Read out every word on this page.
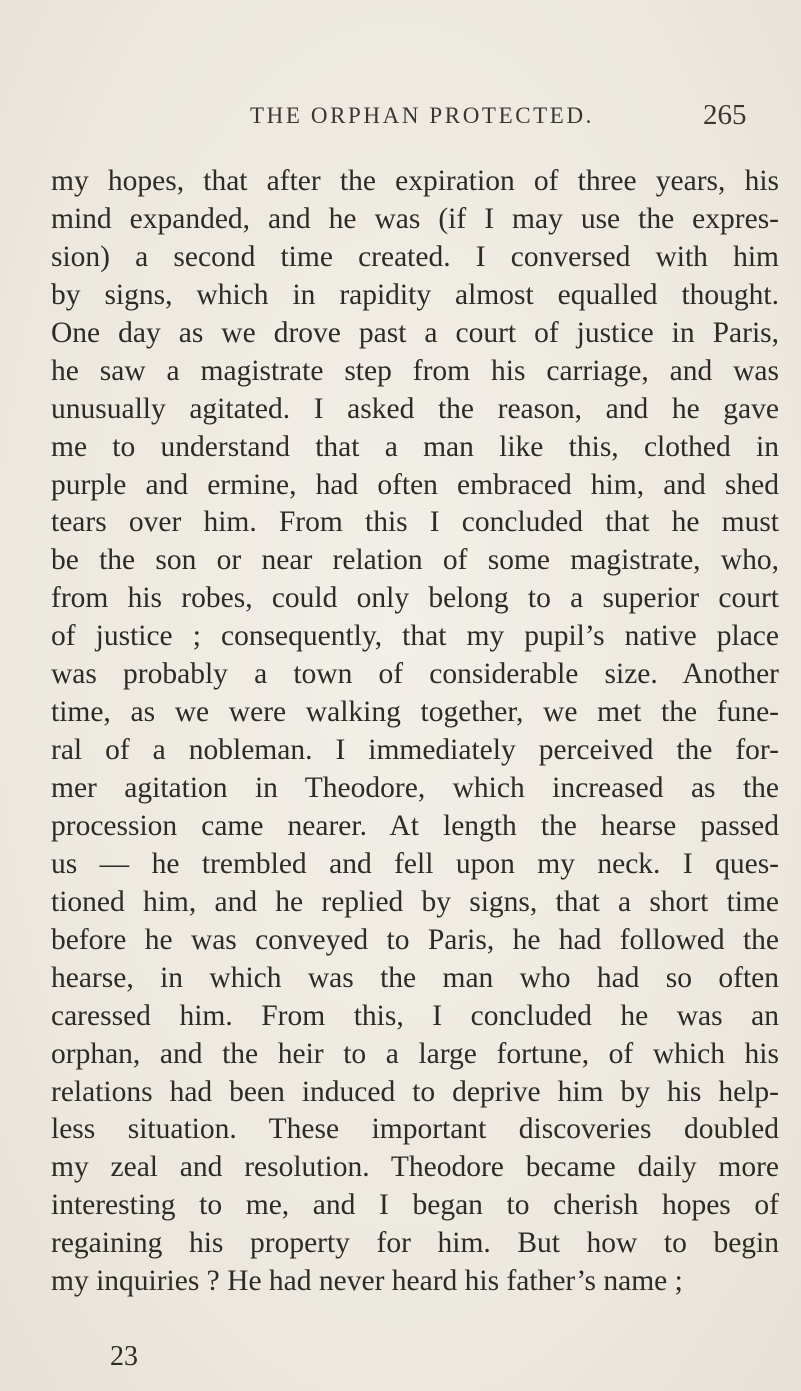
THE ORPHAN PROTECTED.	265
my hopes, that after the expiration of three years, his
mind expanded, and he was (if I may use the expres-
sion) a second time created. I conversed with him
by signs, which in rapidity almost equalled thought.
One day as we drove past a court of justice in Paris,
he saw a magistrate step from his carriage, and was
unusually agitated. I asked the reason, and he gave
me to understand that a man like this, clothed in
purple and ermine, had often embraced him, and shed
tears over him. From this I concluded that he must
be the son or near relation of some magistrate, who,
from his robes, could only belong to a superior court
of justice ; consequently, that my pupil’s native place
was probably a town of considerable size. Another
time, as we were walking together, we met the fune-
ral of a nobleman. I immediately perceived the for-
mer agitation in Theodore, which increased as the
procession came nearer. At length the hearse passed
us — he trembled and fell upon my neck. I ques-
tioned him, and he replied by signs, that a short time
before he was conveyed to Paris, he had followed the
hearse, in which was the man who had so often
caressed him. From this, I concluded he was an
orphan, and the heir to a large fortune, of which his
relations had been induced to deprive him by his help-
less situation. These important discoveries doubled
my zeal and resolution. Theodore became daily more
interesting to me, and I began to cherish hopes of
regaining his property for him. But how to begin
my inquiries ? He had never heard his father’s name ;
23
